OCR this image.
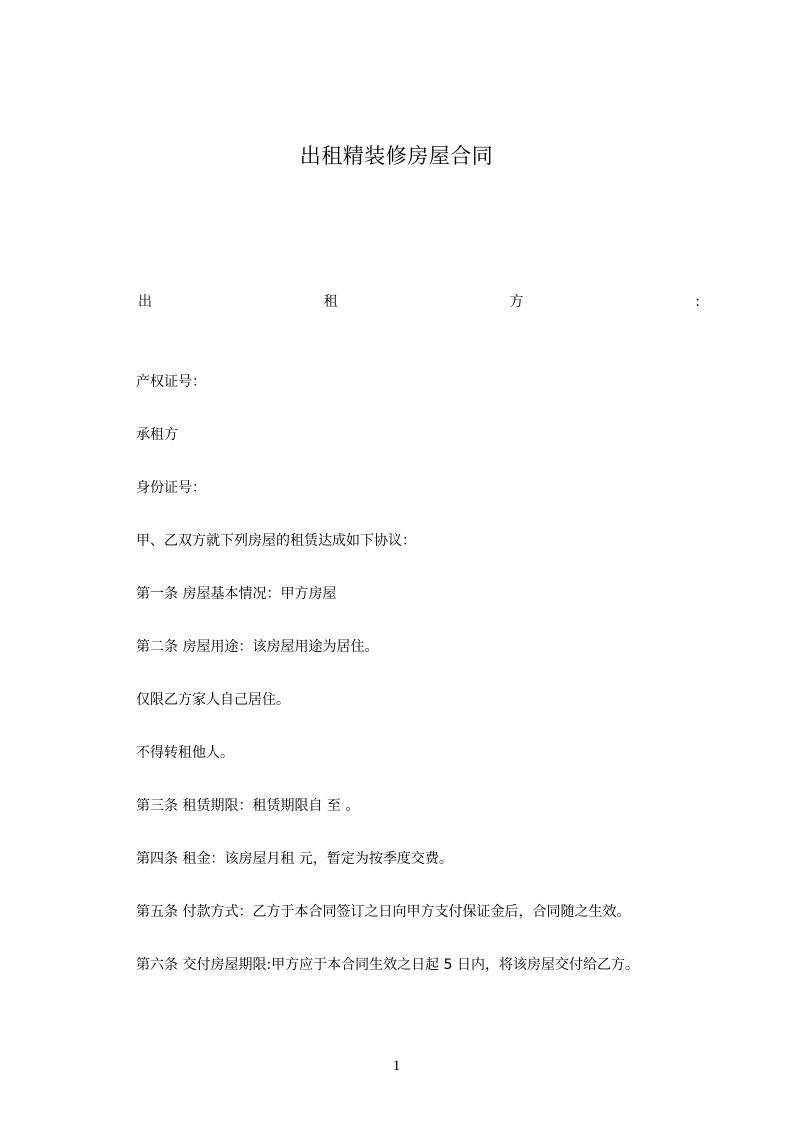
出租精装修房屋合同
出	租	方	:
产权证号：
承租方
身份证号：
甲、乙双方就下列房屋的租赁达成如下协议：
第一条 房屋基本情况：甲方房屋
第二条 房屋用途：该房屋用途为居住。
仅限乙方家人自己居住。
不得转租他人。
第三条 租赁期限：租赁期限自 至 。
第四条 租金：该房屋月租 元，暂定为按季度交费。
第五条 付款方式：乙方于本合同签订之日向甲方支付保证金后，合同随之生效。
第六条 交付房屋期限:甲方应于本合同生效之日起 5 日内，将该房屋交付给乙方。
1
